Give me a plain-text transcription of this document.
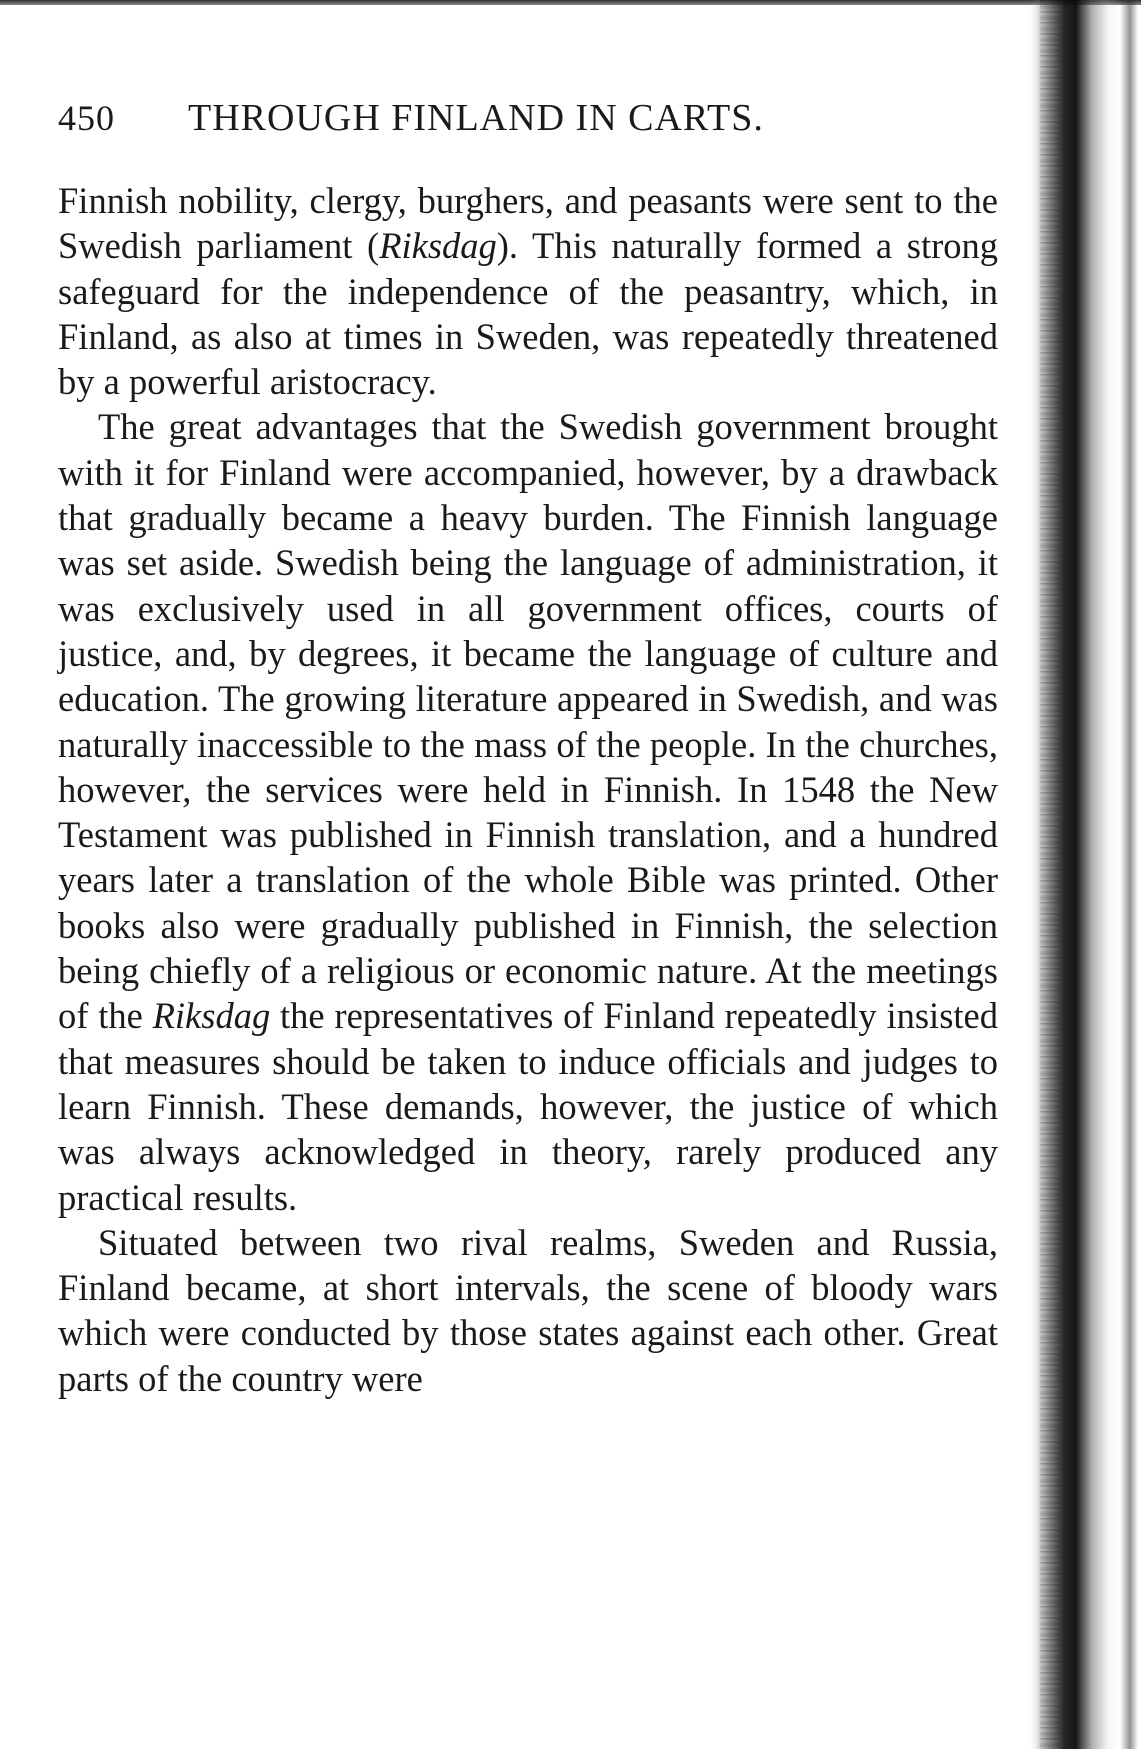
450 THROUGH FINLAND IN CARTS.

Finnish nobility, clergy, burghers, and peasants were sent to the Swedish parliament (Riksdag). This naturally formed a strong safeguard for the independence of the peasantry, which, in Finland, as also at times in Sweden, was repeatedly threatened by a powerful aristocracy.

The great advantages that the Swedish government brought with it for Finland were accompanied, however, by a drawback that gradually became a heavy burden. The Finnish language was set aside. Swedish being the language of administration, it was exclusively used in all government offices, courts of justice, and, by degrees, it became the language of culture and education. The growing literature appeared in Swedish, and was naturally inaccessible to the mass of the people. In the churches, however, the services were held in Finnish. In 1548 the New Testament was published in Finnish translation, and a hundred years later a translation of the whole Bible was printed. Other books also were gradually published in Finnish, the selection being chiefly of a religious or economic nature. At the meetings of the Riksdag the representatives of Finland repeatedly insisted that measures should be taken to induce officials and judges to learn Finnish. These demands, however, the justice of which was always acknowledged in theory, rarely produced any practical results.

Situated between two rival realms, Sweden and Russia, Finland became, at short intervals, the scene of bloody wars which were conducted by those states against each other. Great parts of the country were
